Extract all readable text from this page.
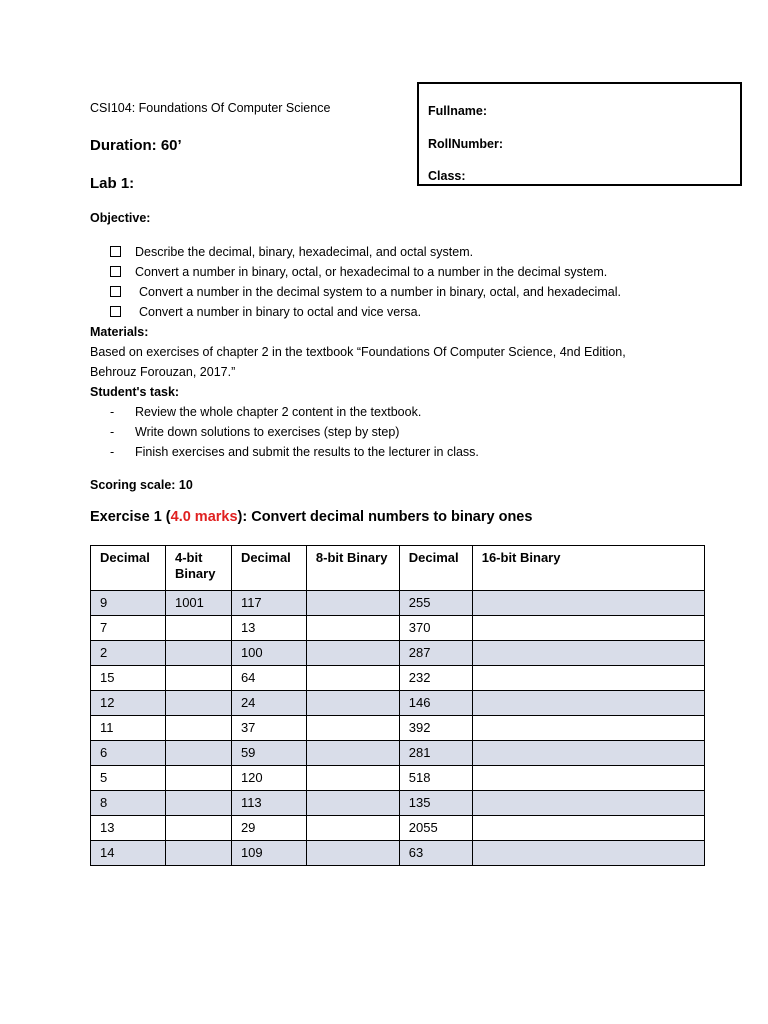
CSI104: Foundations Of Computer Science
Duration: 60’
Lab 1:
Objective:
Fullname:
RollNumber:
Class:
Describe the decimal, binary, hexadecimal, and octal system.
Convert a number in binary, octal, or hexadecimal to a number in the decimal system.
Convert a number in the decimal system to a number in binary, octal, and hexadecimal.
Convert a number in binary to octal and vice versa.
Materials:
Based on exercises of chapter 2 in the textbook “Foundations Of Computer Science, 4nd Edition,
Behrouz Forouzan, 2017.”
Student's task:
- Review the whole chapter 2 content in the textbook.
- Write down solutions to exercises (step by step)
- Finish exercises and submit the results to the lecturer in class.
Scoring scale: 10
Exercise 1 (4.0 marks): Convert decimal numbers to binary ones
Decimal	4-bit Binary	Decimal	8-bit Binary	Decimal	16-bit Binary
9	1001	117		255	
7		13		370	
2		100		287	
15		64		232	
12		24		146	
11		37		392	
6		59		281	
5		120		518	
8		113		135	
13		29		2055	
14		109		63	
